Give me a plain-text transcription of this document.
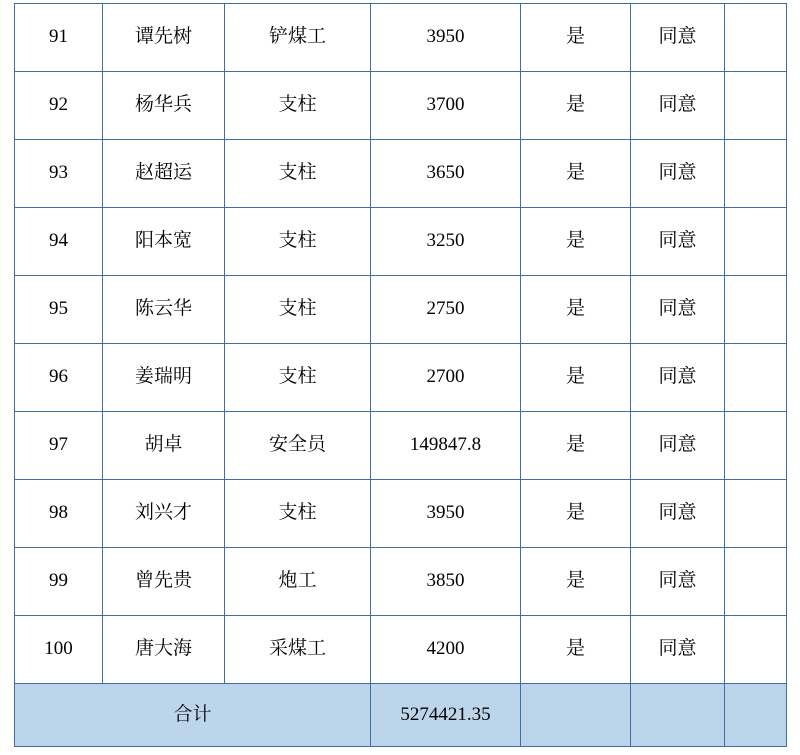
91	谭先树	铲煤工	3950	是	同意	
92	杨华兵	支柱	3700	是	同意	
93	赵超运	支柱	3650	是	同意	
94	阳本宽	支柱	3250	是	同意	
95	陈云华	支柱	2750	是	同意	
96	姜瑞明	支柱	2700	是	同意	
97	胡卓	安全员	149847.8	是	同意	
98	刘兴才	支柱	3950	是	同意	
99	曾先贵	炮工	3850	是	同意	
100	唐大海	采煤工	4200	是	同意	
合计			5274421.35			
